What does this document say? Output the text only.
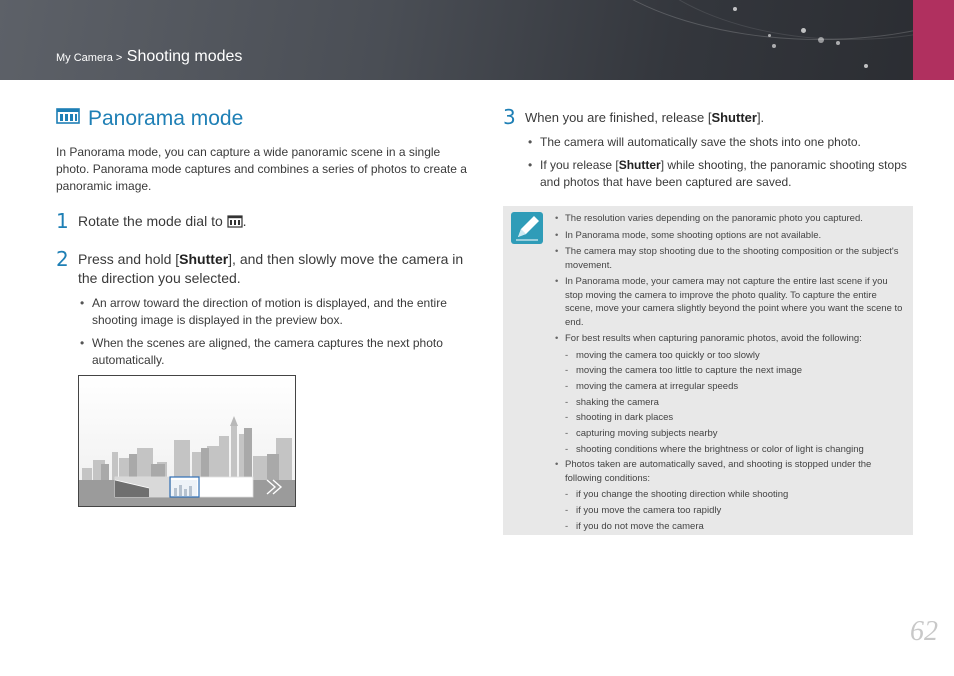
My Camera > Shooting modes
Panorama mode

In Panorama mode, you can capture a wide panoramic scene in a single photo. Panorama mode captures and combines a series of photos to create a panoramic image.

1 Rotate the mode dial to .
2 Press and hold [Shutter], and then slowly move the camera in the direction you selected.
• An arrow toward the direction of motion is displayed, and the entire shooting image is displayed in the preview box.
• When the scenes are aligned, the camera captures the next photo automatically.
3 When you are finished, release [Shutter].
• The camera will automatically save the shots into one photo.
• If you release [Shutter] while shooting, the panoramic shooting stops and photos that have been captured are saved.
• The resolution varies depending on the panoramic photo you captured.
• In Panorama mode, some shooting options are not available.
• The camera may stop shooting due to the shooting composition or the subject's movement.
• In Panorama mode, your camera may not capture the entire last scene if you stop moving the camera to improve the photo quality. To capture the entire scene, move your camera slightly beyond the point where you want the scene to end.
• For best results when capturing panoramic photos, avoid the following:
- moving the camera too quickly or too slowly
- moving the camera too little to capture the next image
- moving the camera at irregular speeds
- shaking the camera
- shooting in dark places
- capturing moving subjects nearby
- shooting conditions where the brightness or color of light is changing
• Photos taken are automatically saved, and shooting is stopped under the following conditions:
- if you change the shooting direction while shooting
- if you move the camera too rapidly
- if you do not move the camera
62
